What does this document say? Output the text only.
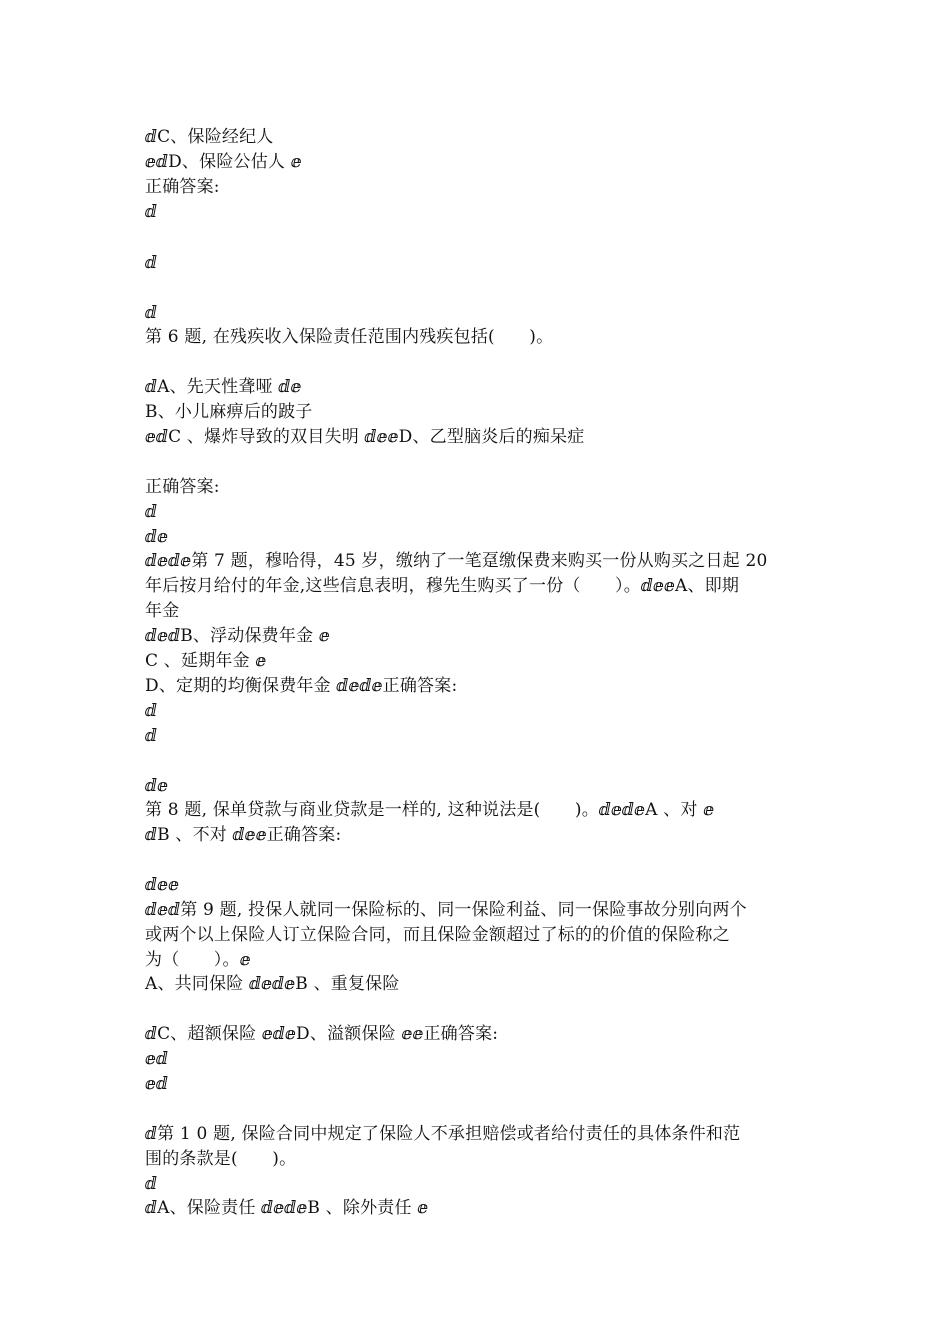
ⅆC、保险经纪人
ⅇⅆD、保险公估人 ⅇ
正确答案:
ⅆ
ⅆ
ⅆ
第 6 题, 在残疾收入保险责任范围内残疾包括(　　)。
ⅆA、先天性聋哑 ⅆⅇ
B、小儿麻痹后的跛子
ⅇⅆC 、爆炸导致的双目失明 ⅆⅇⅇD、乙型脑炎后的痴呆症
正确答案:
ⅆ
ⅆⅇ
ⅆⅇⅆⅇ第 7 题，穆哈得，45 岁，缴纳了一笔趸缴保费来购买一份从购买之日起 20
年后按月给付的年金,这些信息表明，穆先生购买了一份（　　）。ⅆⅇⅇA、即期
年金
ⅆⅇⅆB、浮动保费年金 ⅇ
C 、延期年金 ⅇ
D、定期的均衡保费年金 ⅆⅇⅆⅇ正确答案:
ⅆ
ⅆ
ⅆⅇ
第 8 题, 保单贷款与商业贷款是一样的, 这种说法是(　　)。ⅆⅇⅆⅇA 、对 ⅇ
ⅆB 、不对 ⅆⅇⅇ正确答案:
ⅆⅇⅇ
ⅆⅇⅆ第 9 题, 投保人就同一保险标的、同一保险利益、同一保险事故分别向两个
或两个以上保险人订立保险合同，而且保险金额超过了标的的价值的保险称之
为（　　）。ⅇ
A、共同保险 ⅆⅇⅆⅇB 、重复保险
ⅆC、超额保险 ⅇⅆⅇD、溢额保险 ⅇⅇ正确答案:
ⅇⅆ
ⅇⅆ
ⅆ第 1 0 题, 保险合同中规定了保险人不承担赔偿或者给付责任的具体条件和范
围的条款是(　　)。
ⅆ
ⅆA、保险责任 ⅆⅇⅆⅇB 、除外责任 ⅇ
